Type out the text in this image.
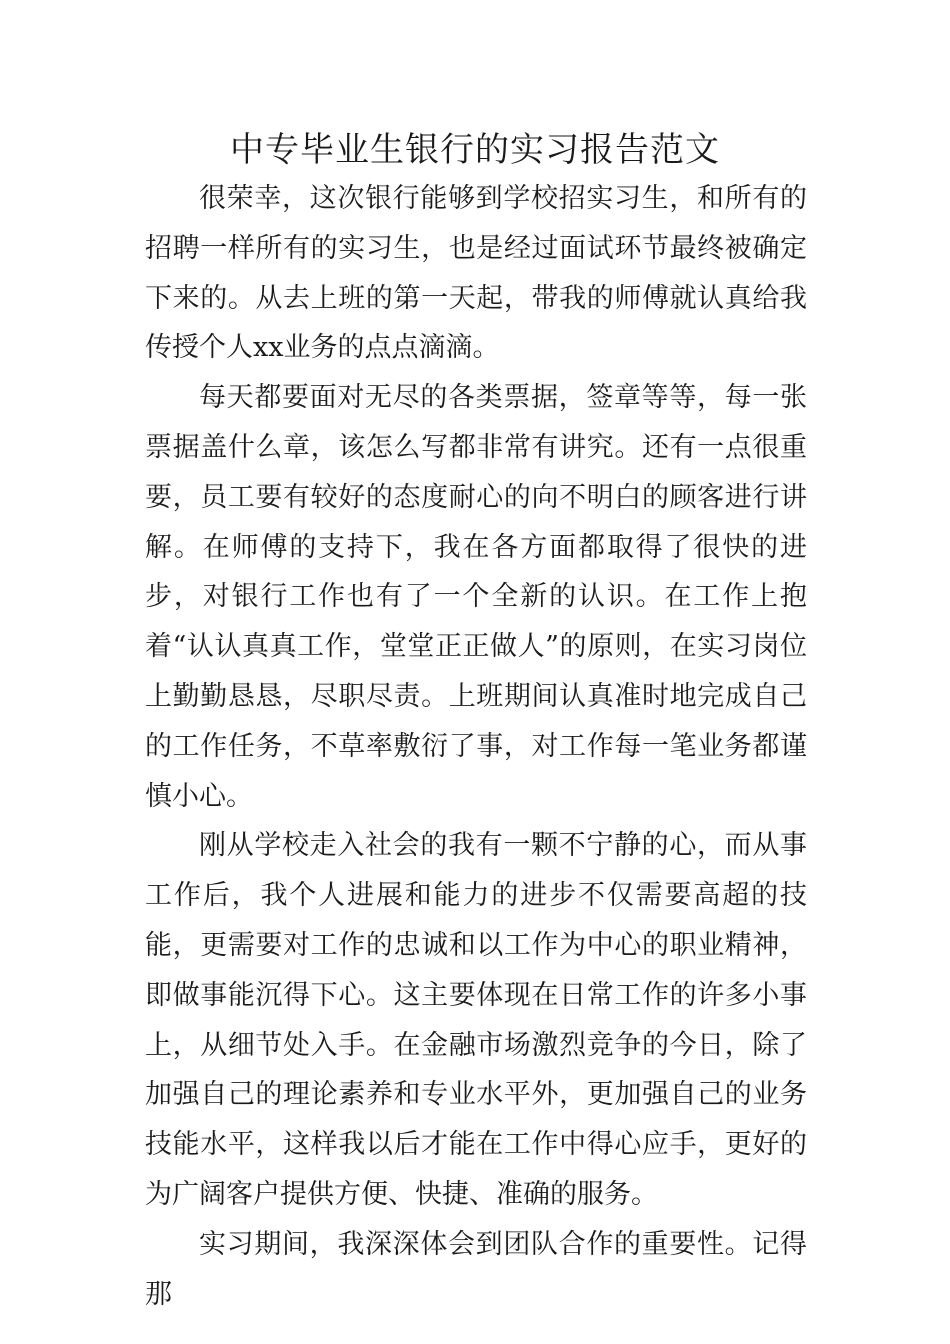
中专毕业生银行的实习报告范文

很荣幸，这次银行能够到学校招实习生，和所有的招聘一样所有的实习生，也是经过面试环节最终被确定下来的。从去上班的第一天起，带我的师傅就认真给我传授个人xx业务的点点滴滴。

每天都要面对无尽的各类票据，签章等等，每一张票据盖什么章，该怎么写都非常有讲究。还有一点很重要，员工要有较好的态度耐心的向不明白的顾客进行讲解。在师傅的支持下，我在各方面都取得了很快的进步，对银行工作也有了一个全新的认识。在工作上抱着“认认真真工作，堂堂正正做人”的原则，在实习岗位上勤勤恳恳，尽职尽责。上班期间认真准时地完成自己的工作任务，不草率敷衍了事，对工作每一笔业务都谨慎小心。

刚从学校走入社会的我有一颗不宁静的心，而从事工作后，我个人进展和能力的进步不仅需要高超的技能，更需要对工作的忠诚和以工作为中心的职业精神，即做事能沉得下心。这主要体现在日常工作的许多小事上，从细节处入手。在金融市场激烈竞争的今日，除了加强自己的理论素养和专业水平外，更加强自己的业务技能水平，这样我以后才能在工作中得心应手，更好的为广阔客户提供方便、快捷、准确的服务。

实习期间，我深深体会到团队合作的重要性。记得那
